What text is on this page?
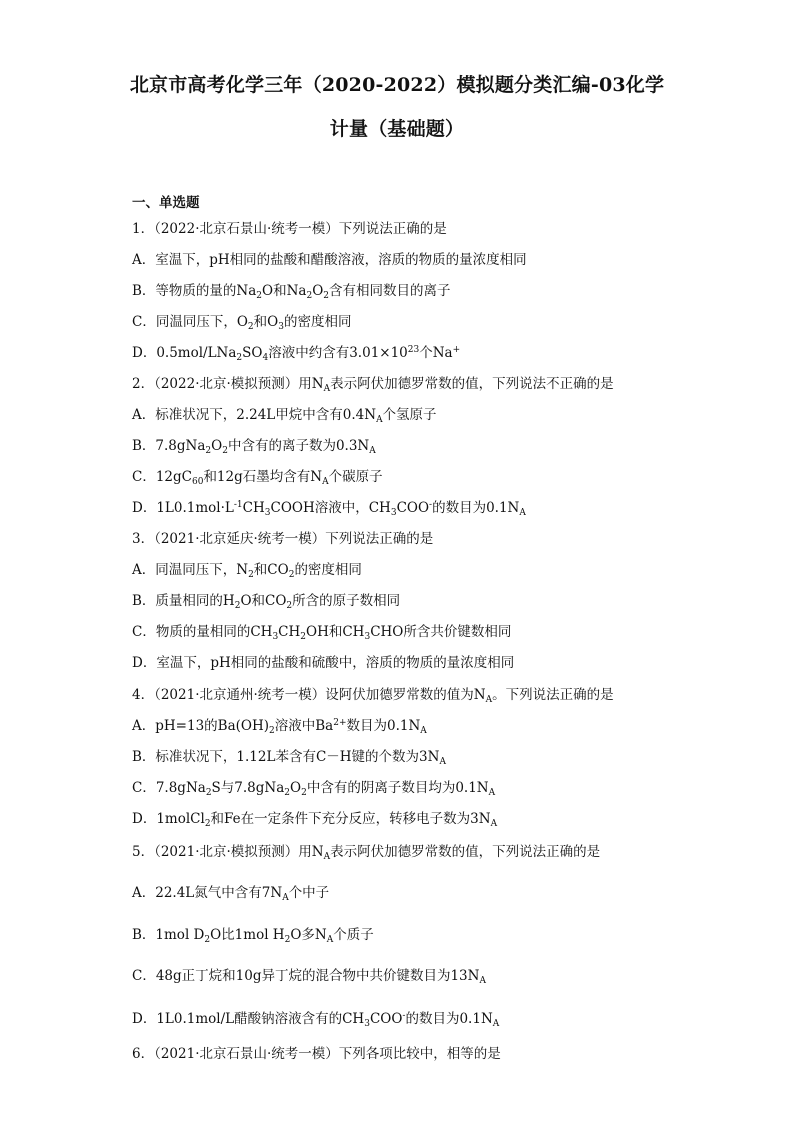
北京市高考化学三年（2020-2022）模拟题分类汇编-03化学
计量（基础题）
一、单选题
1．（2022·北京石景山·统考一模）下列说法正确的是
A．室温下，pH相同的盐酸和醋酸溶液，溶质的物质的量浓度相同
B．等物质的量的$Na_2O$和$Na_2O_2$含有相同数目的离子
C．同温同压下，$O_2$和$O_3$的密度相同
D．$0.5mol/LNa_2SO_4$溶液中约含有$3.01\times 10^{23}$个Na+
2．（2022·北京·模拟预测）用$N_A$表示阿伏加德罗常数的值，下列说法不正确的是
A．标准状况下，2.24L甲烷中含有$0.4N_A$个氢原子
B．$7.8gNa_2O_2$中含有的离子数为$0.3N_A$
C．$12gC_{60}$和12g石墨均含有$N_A$个碳原子
D．$1L0.1mol\cdot L^{-1}CH_3COOH$溶液中，$CH_3COO^-$的数目为$0.1N_A$
3．（2021·北京延庆·统考一模）下列说法正确的是
A．同温同压下，$N_2$和$CO_2$的密度相同
B．质量相同的$H_2O$和$CO_2$所含的原子数相同
C．物质的量相同的$CH_3CH_2OH$和$CH_3CHO$所含共价键数相同
D．室温下，pH相同的盐酸和硫酸中，溶质的物质的量浓度相同
4．（2021·北京通州·统考一模）设阿伏加德罗常数的值为$N_A$。下列说法正确的是
A．pH=13的$Ba(OH)_2$溶液中$Ba^{2+}$数目为$0.1N_A$
B．标准状况下，1.12L苯含有C－H键的个数为$3N_A$
C．7.8gNa$_2$S与$7.8gNa_2O_2$中含有的阴离子数目均为$0.1N_A$
D．1molCl$_2$和Fe在一定条件下充分反应，转移电子数为$3N_A$
5．（2021·北京·模拟预测）用$N_A$表示阿伏加德罗常数的值，下列说法正确的是
A．22.4L氮气中含有$7N_A$个中子
B．1mol $D_2O$比1mol $H_2O$多$N_A$个质子
C．48g正丁烷和10g异丁烷的混合物中共价键数目为$13N_A$
D．1L0.1mol/L醋酸钠溶液含有的$CH_3COO^-$的数目为$0.1N_A$
6．（2021·北京石景山·统考一模）下列各项比较中，相等的是
